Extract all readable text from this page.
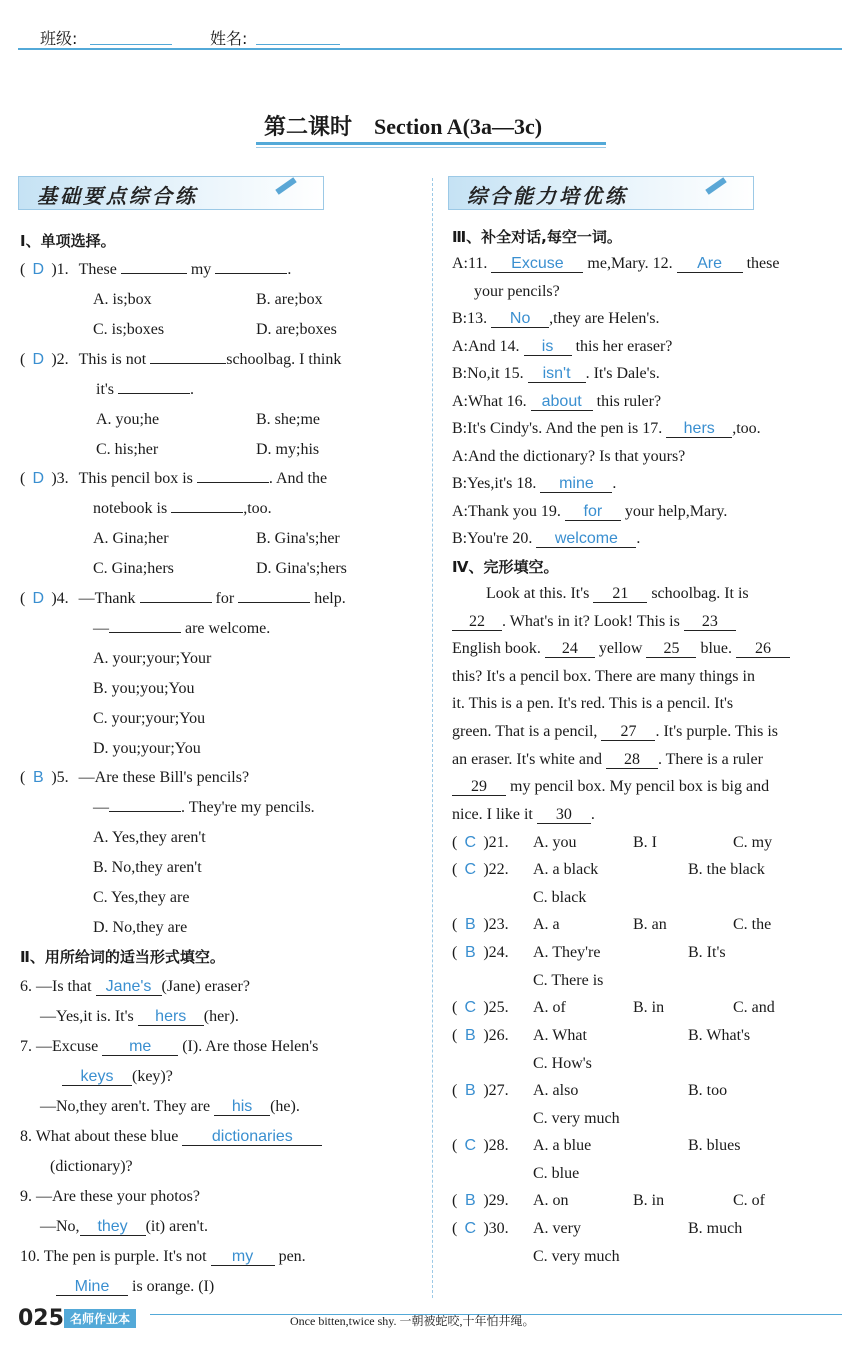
班级:	姓名:
第二课时    Section A(3a—3c)
基础要点综合练	综合能力培优练
Ⅰ、单项选择。
( D )1. These	my	.
A. is;box	B. are;box
C. is;boxes	D. are;boxes
( D )2. This is not	schoolbag. I think
it's	.
A. you;he	B. she;me
C. his;her	D. my;his
( D )3. This pencil box is	. And the
notebook is	,too.
A. Gina;her	B. Gina's;her
C. Gina;hers	D. Gina's;hers
( D )4. —Thank	for	help.
—	are welcome.
A. your;your;Your
B. you;you;You
C. your;your;You
D. you;your;You
( B )5. —Are these Bill's pencils?
—	. They're my pencils.
A. Yes,they aren't
B. No,they aren't
C. Yes,they are
D. No,they are
Ⅱ、用所给词的适当形式填空。
6. —Is that Jane's (Jane) eraser?
—Yes,it is. It's hers (her).
7. —Excuse me (I). Are those Helen's
keys (key)?
—No,they aren't. They are his (he).
8. What about these blue dictionaries
(dictionary)?
9. —Are these your photos?
—No, they (it) aren't.
10. The pen is purple. It's not my pen.
Mine is orange. (I)
Ⅲ、补全对话,每空一词。
A:11. Excuse me,Mary. 12. Are these
your pencils?
B:13. No ,they are Helen's.
A:And 14. is this her eraser?
B:No,it 15. isn't . It's Dale's.
A:What 16. about this ruler?
B:It's Cindy's. And the pen is 17. hers ,too.
A:And the dictionary? Is that yours?
B:Yes,it's 18. mine .
A:Thank you 19. for your help,Mary.
B:You're 20. welcome .
Ⅳ、完形填空。
Look at this. It's 21 schoolbag. It is
22 . What's in it? Look! This is 23
English book. 24 yellow 25 blue. 26
this? It's a pencil box. There are many things in
it. This is a pen. It's red. This is a pencil. It's
green. That is a pencil, 27 . It's purple. This is
an eraser. It's white and 28 . There is a ruler
29 my pencil box. My pencil box is big and
nice. I like it 30 .
( C )21. A. you	B. I	C. my
( C )22. A. a black	B. the black
C. black
( B )23. A. a	B. an	C. the
( B )24. A. They're	B. It's
C. There is
( C )25. A. of	B. in	C. and
( B )26. A. What	B. What's
C. How's
( B )27. A. also	B. too
C. very much
( C )28. A. a blue	B. blues
C. blue
( B )29. A. on	B. in	C. of
( C )30. A. very	B. much
C. very much
025 名师作业本	Once bitten,twice shy. 一朝被蛇咬,十年怕井绳。
